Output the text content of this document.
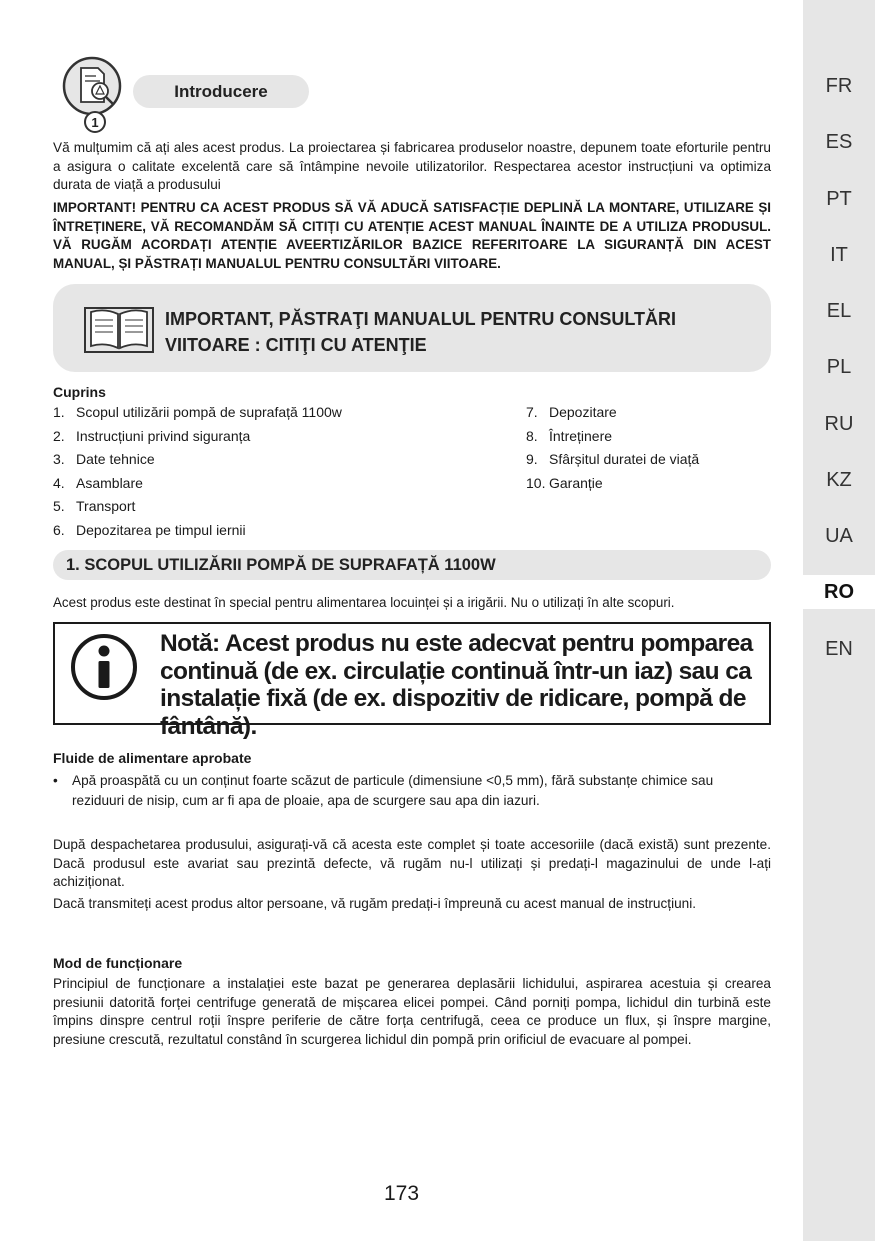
FR
ES
PT
IT
EL
PL
RU
KZ
UA
RO
EN
1
Introducere

Vă mulțumim că ați ales acest produs. La proiectarea și fabricarea produselor noastre, depunem toate eforturile pentru a asigura o calitate excelentă care să întâmpine nevoile utilizatorilor. Respectarea acestor instrucțiuni va optimiza durata de viață a produsului

IMPORTANT! PENTRU CA ACEST PRODUS SĂ VĂ ADUCĂ SATISFACȚIE DEPLINĂ LA MONTARE, UTILIZARE ȘI ÎNTREȚINERE, VĂ RECOMANDĂM SĂ CITIȚI CU ATENȚIE ACEST MANUAL ÎNAINTE DE A UTILIZA PRODUSUL. VĂ RUGĂM ACORDAȚI ATENȚIE AVEERTIZĂRILOR BAZICE REFERITOARE LA SIGURANȚĂ DIN ACEST MANUAL, ȘI PĂSTRAȚI MANUALUL PENTRU CONSULTĂRI VIITOARE.

IMPORTANT, PĂSTRAŢI MANUALUL PENTRU CONSULTĂRI
VIITOARE : CITIŢI CU ATENŢIE
Cuprins
1. Scopul utilizării pompă de suprafață 1100w
2. Instrucțiuni privind siguranța
3. Date tehnice
4. Asamblare
5. Transport
6. Depozitarea pe timpul iernii
7. Depozitare
8. Întreținere
9. Sfârșitul duratei de viață
10. Garanție
1. SCOPUL UTILIZĂRII POMPĂ DE SUPRAFAȚĂ 1100W

Acest produs este destinat în special pentru alimentarea locuinței și a irigării. Nu o utilizați în alte scopuri.

Notă: Acest produs nu este adecvat pentru pomparea continuă (de ex. circulație continuă într-un iaz) sau ca instalație fixă (de ex. dispozitiv de ridicare, pompă de fântână).
Fluide de alimentare aprobate
• Apă proaspătă cu un conținut foarte scăzut de particule (dimensiune <0,5 mm), fără substanțe chimice sau reziduuri de nisip, cum ar fi apa de ploaie, apa de scurgere sau apa din iazuri.

După despachetarea produsului, asigurați-vă că acesta este complet și toate accesoriile (dacă există) sunt prezente. Dacă produsul este avariat sau prezintă defecte, vă rugăm nu-l utilizați și predați-l magazinului de unde l-ați achiziționat.

Dacă transmiteți acest produs altor persoane, vă rugăm predați-i împreună cu acest manual de instrucțiuni.

Mod de funcționare

Principiul de funcționare a instalației este bazat pe generarea deplasării lichidului, aspirarea acestuia și crearea presiunii datorită forței centrifuge generată de mișcarea elicei pompei. Când porniți pompa, lichidul din turbină este împins dinspre centrul roții înspre periferie de către forța centrifugă, ceea ce produce un flux, și înspre margine, presiune crescută, rezultatul constând în scurgerea lichidul din pompă prin orificiul de evacuare al pompei.

173
